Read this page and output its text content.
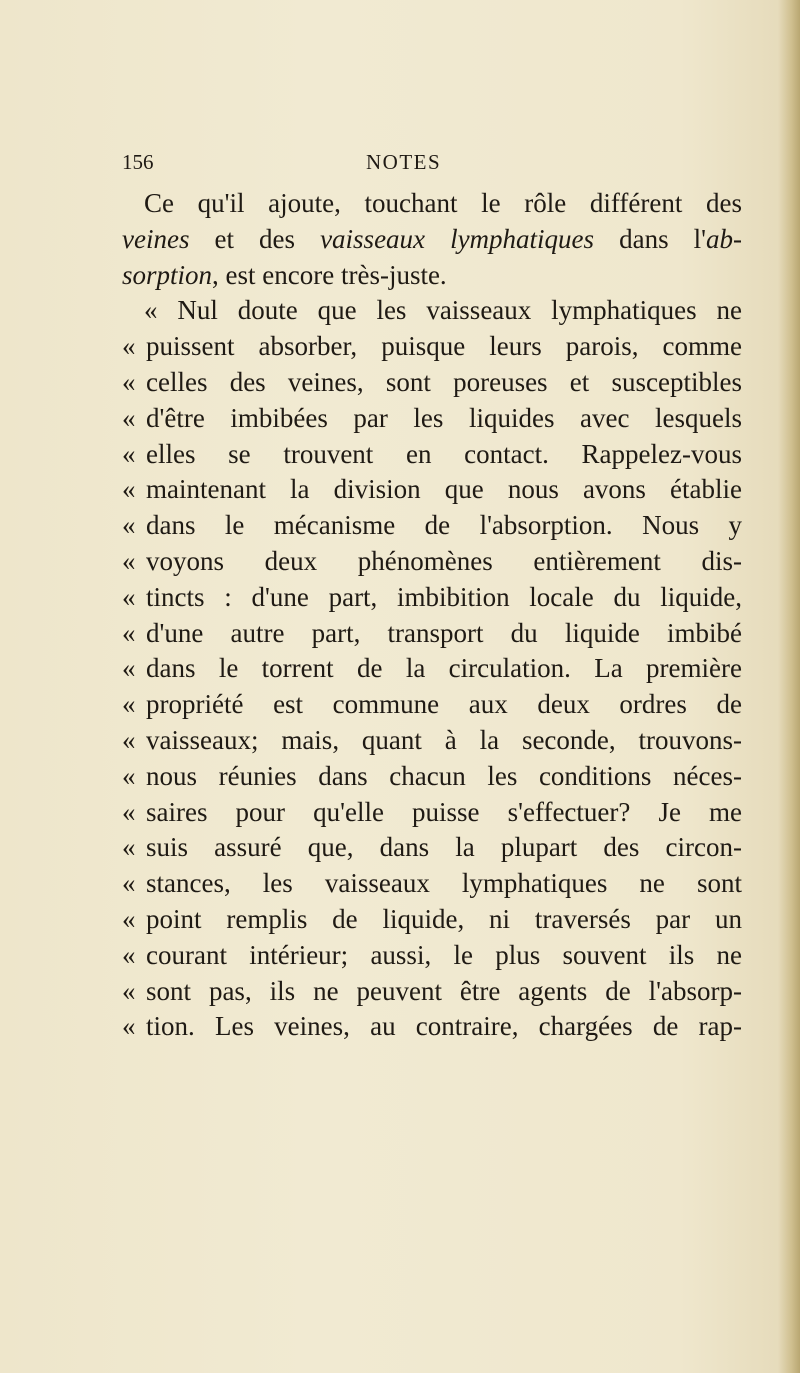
156	NOTES
Ce qu'il ajoute, touchant le rôle différent des
veines et des vaisseaux lymphatiques dans l'ab-
sorption, est encore très-juste.
« Nul doute que les vaisseaux lymphatiques ne
« puissent absorber, puisque leurs parois, comme
« celles des veines, sont poreuses et susceptibles
« d'être imbibées par les liquides avec lesquels
« elles se trouvent en contact. Rappelez-vous
« maintenant la division que nous avons établie
« dans le mécanisme de l'absorption. Nous y
« voyons deux phénomènes entièrement dis-
« tincts : d'une part, imbibition locale du liquide,
« d'une autre part, transport du liquide imbibé
« dans le torrent de la circulation. La première
« propriété est commune aux deux ordres de
« vaisseaux; mais, quant à la seconde, trouvons-
« nous réunies dans chacun les conditions néces-
« saires pour qu'elle puisse s'effectuer? Je me
« suis assuré que, dans la plupart des circon-
« stances, les vaisseaux lymphatiques ne sont
« point remplis de liquide, ni traversés par un
« courant intérieur; aussi, le plus souvent ils ne
« sont pas, ils ne peuvent être agents de l'absorp-
« tion. Les veines, au contraire, chargées de rap-
